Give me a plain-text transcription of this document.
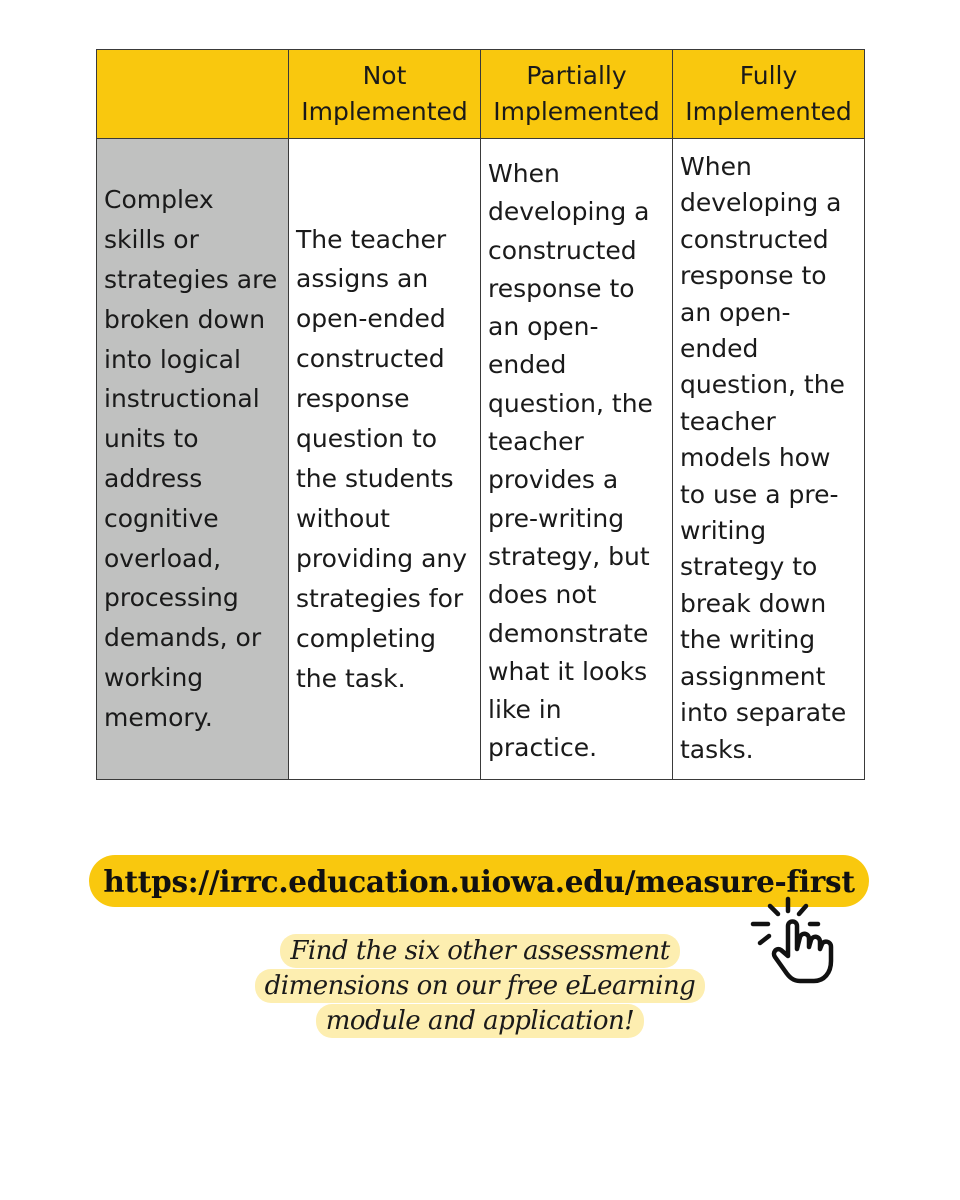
	Not Implemented	Partially Implemented	Fully Implemented

Complex skills or strategies are broken down into logical instructional units to address cognitive overload, processing demands, or working memory.	The teacher assigns an open-ended constructed response question to the students without providing any strategies for completing the task.	When developing a constructed response to an open-ended question, the teacher provides a pre-writing strategy, but does not demonstrate what it looks like in practice.	When developing a constructed response to an open-ended question, the teacher models how to use a pre-writing strategy to break down the writing assignment into separate tasks.
https://irrc.education.uiowa.edu/measure-first
Find the six other assessment dimensions on our free eLearning module and application!
